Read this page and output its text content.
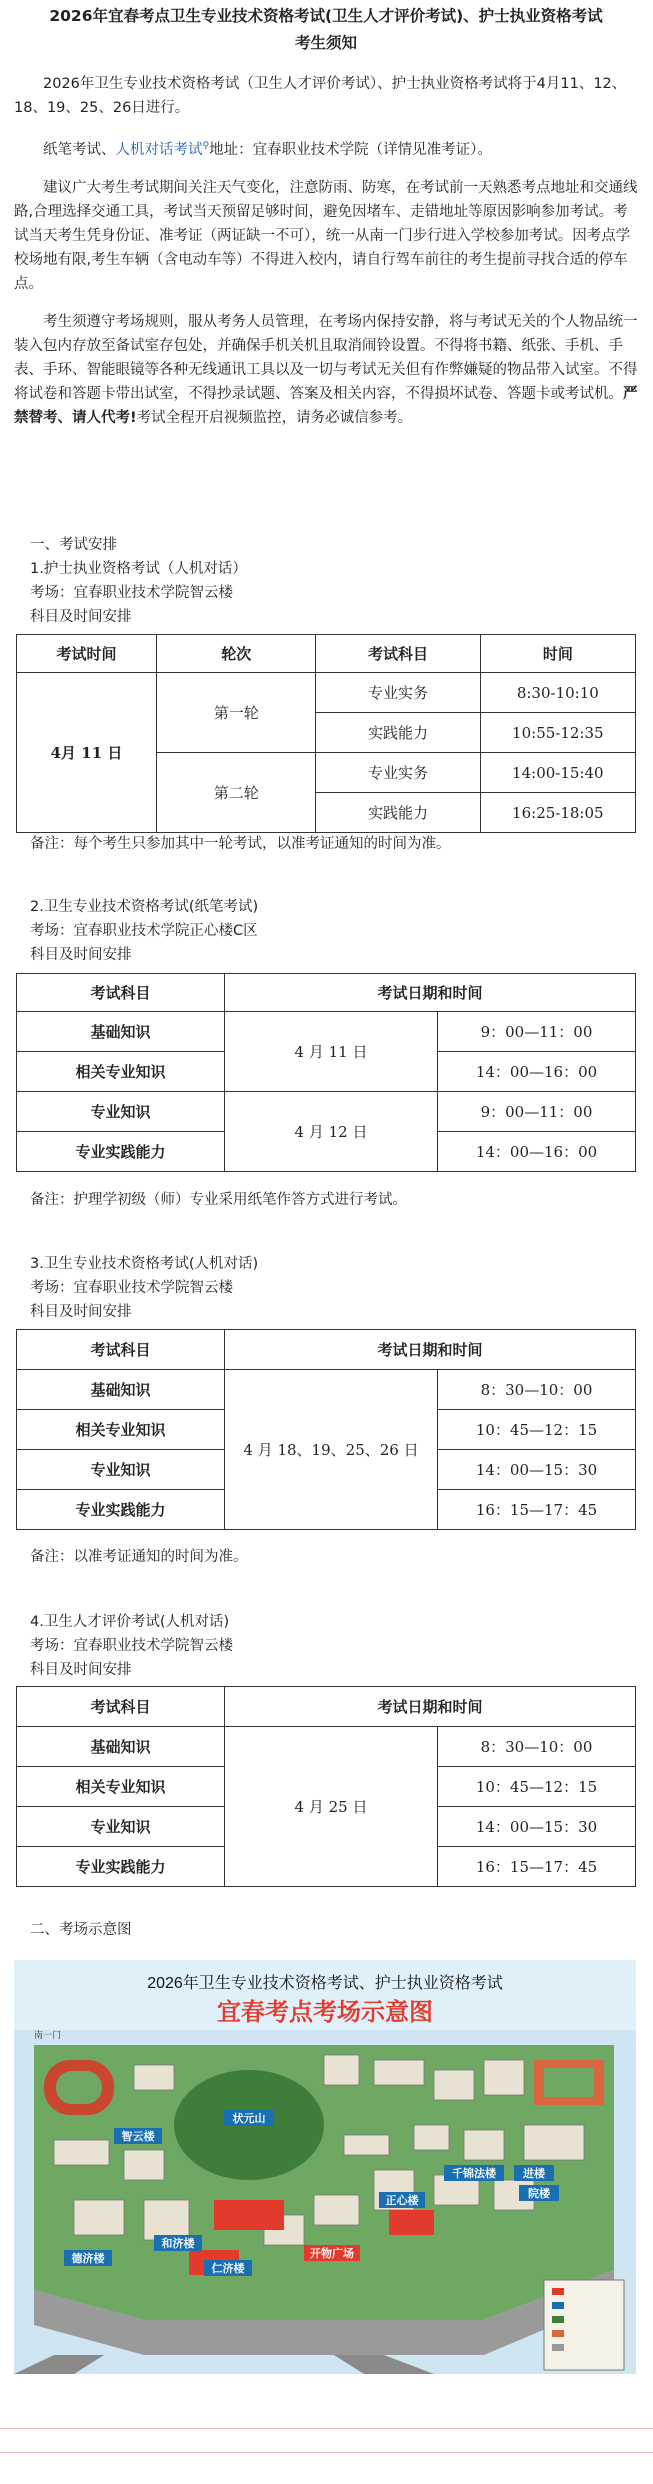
2026年宜春考点卫生专业技术资格考试(卫生人才评价考试)、护士执业资格考试
考生须知

2026年卫生专业技术资格考试（卫生人才评价考试）、护士执业资格考试将于4月11、12、18、19、25、26日进行。

纸笔考试、人机对话考试⚲地址：宜春职业技术学院（详情见准考证）。

建议广大考生考试期间关注天气变化，注意防雨、防寒，在考试前一天熟悉考点地址和交通线路,合理选择交通工具，考试当天预留足够时间，避免因堵车、走错地址等原因影响参加考试。考试当天考生凭身份证、准考证（两证缺一不可），统一从南一门步行进入学校参加考试。因考点学校场地有限,考生车辆（含电动车等）不得进入校内，请自行驾车前往的考生提前寻找合适的停车点。

考生须遵守考场规则，服从考务人员管理，在考场内保持安静，将与考试无关的个人物品统一装入包内存放至备试室存包处，并确保手机关机且取消闹铃设置。不得将书籍、纸张、手机、手表、手环、智能眼镜等各种无线通讯工具以及一切与考试无关但有作弊嫌疑的物品带入试室。不得将试卷和答题卡带出试室，不得抄录试题、答案及相关内容，不得损坏试卷、答题卡或考试机。严禁替考、请人代考!考试全程开启视频监控，请务必诚信参考。

一、考试安排

1.护士执业资格考试（人机对话）

考场：宜春职业技术学院智云楼

科目及时间安排

考试时间	轮次	考试科目	时间
4月 11 日	第一轮	专业实务	8:30-10:10
		实践能力	10:55-12:35
	第二轮	专业实务	14:00-15:40
		实践能力	16:25-18:05

备注：每个考生只参加其中一轮考试，以准考证通知的时间为准。

2.卫生专业技术资格考试(纸笔考试)

考场：宜春职业技术学院正心楼C区

科目及时间安排

考试科目	考试日期和时间	
基础知识	4 月 11 日	9：00—11：00
相关专业知识		14：00—16：00
专业知识	4 月 12 日	9：00—11：00
专业实践能力		14：00—16：00

备注：护理学初级（师）专业采用纸笔作答方式进行考试。

3.卫生专业技术资格考试(人机对话)

考场：宜春职业技术学院智云楼

科目及时间安排

考试科目	考试日期和时间	
基础知识	4 月 18、19、25、26 日	8：30—10：00
相关专业知识		10：45—12：15
专业知识		14：00—15：30
专业实践能力		16：15—17：45

备注：以准考证通知的时间为准。

4.卫生人才评价考试(人机对话)

考场：宜春职业技术学院智云楼

科目及时间安排

考试科目	考试日期和时间	
基础知识	4 月 25 日	8：30—10：00
相关专业知识		10：45—12：15
专业知识		14：00—15：30
专业实践能力		16：15—17：45

二、考场示意图

2026年卫生专业技术资格考试、护士执业资格考试
宜春考点考场示意图
状元山
智云楼
正心楼
仁济楼
和济楼
德济楼	开物广场
千锦法楼 进楼
院楼
南一门
